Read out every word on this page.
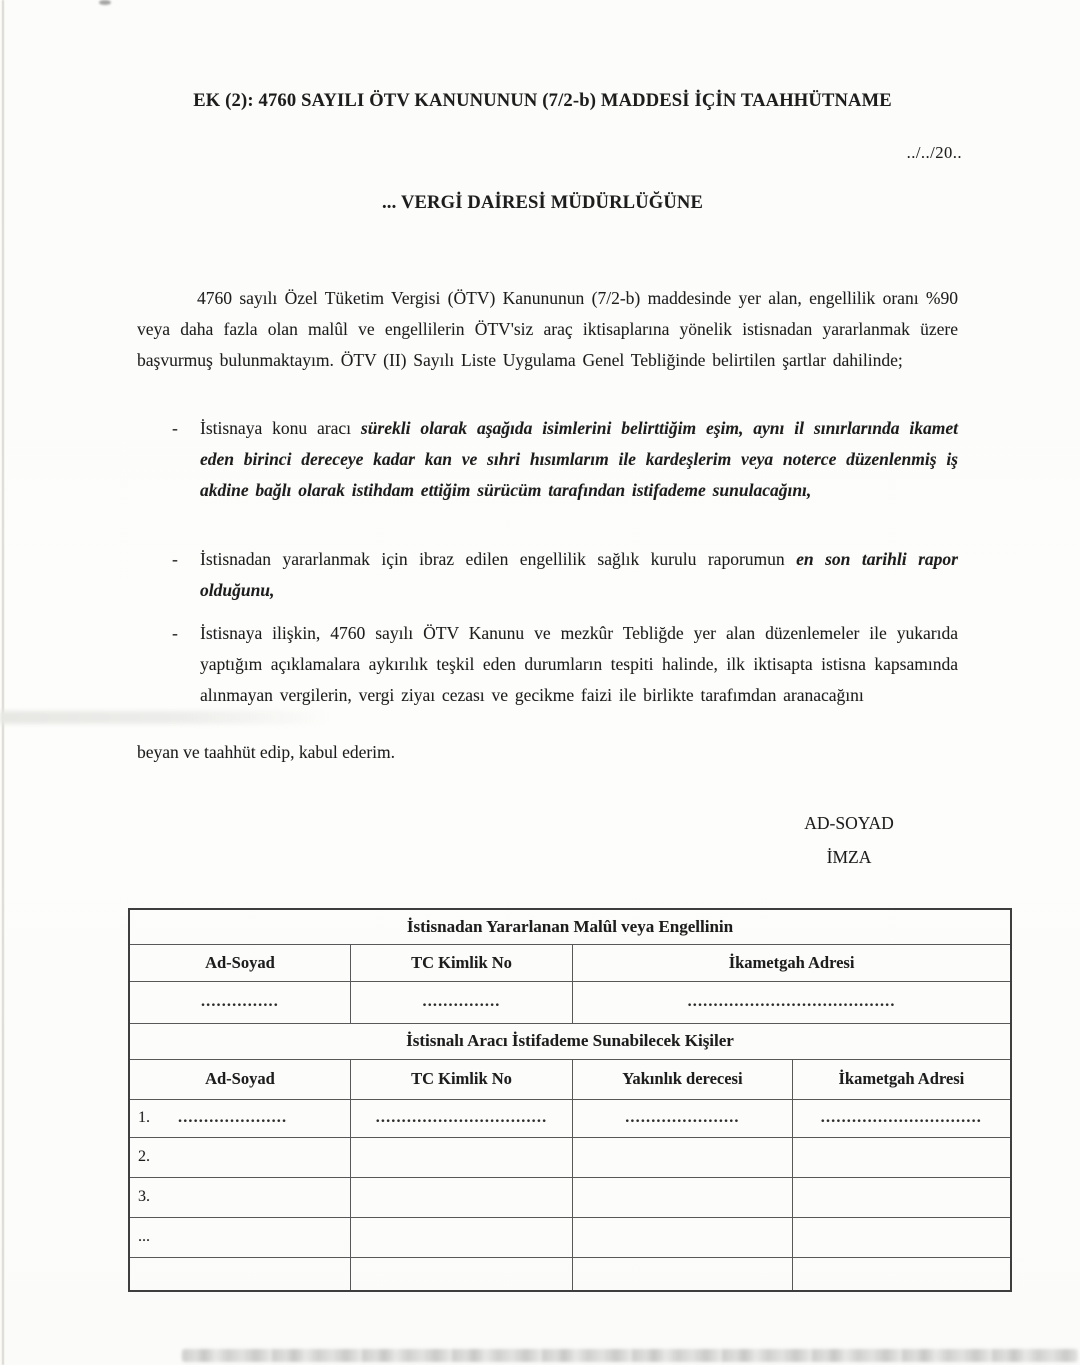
EK (2): 4760 SAYILI ÖTV KANUNUNUN (7/2-b) MADDESİ İÇİN TAAHHÜTNAME
../../20..
... VERGİ DAİRESİ MÜDÜRLÜĞÜNE

4760 sayılı Özel Tüketim Vergisi (ÖTV) Kanununun (7/2-b) maddesinde yer alan, engellilik oranı %90 veya daha fazla olan malûl ve engellilerin ÖTV'siz araç iktisaplarına yönelik istisnadan yararlanmak üzere başvurmuş bulunmaktayım. ÖTV (II) Sayılı Liste Uygulama Genel Tebliğinde belirtilen şartlar dahilinde;

- İstisnaya konu aracı sürekli olarak aşağıda isimlerini belirttiğim eşim, aynı il sınırlarında ikamet eden birinci dereceye kadar kan ve sıhri hısımlarım ile kardeşlerim veya noterce düzenlenmiş iş akdine bağlı olarak istihdam ettiğim sürücüm tarafından istifademe sunulacağını,
- İstisnadan yararlanmak için ibraz edilen engellilik sağlık kurulu raporumun en son tarihli rapor olduğunu,
- İstisnaya ilişkin, 4760 sayılı ÖTV Kanunu ve mezkûr Tebliğde yer alan düzenlemeler ile yukarıda yaptığım açıklamalara aykırılık teşkil eden durumların tespiti halinde, ilk iktisapta istisna kapsamında alınmayan vergilerin, vergi ziyaı cezası ve gecikme faizi ile birlikte tarafımdan aranacağını

beyan ve taahhüt edip, kabul ederim.

AD-SOYAD
İMZA
İstisnadan Yararlanan Malûl veya Engellinin			
Ad-Soyad	TC Kimlik No	İkametgah Adresi	
...............	...............	........................................	
İstisnalı Aracı İstifademe Sunabilecek Kişiler			
Ad-Soyad	TC Kimlik No	Yakınlık derecesi	İkametgah Adresi
1. .....................	.................................	......................	...............................
2.			
3.			
...			
